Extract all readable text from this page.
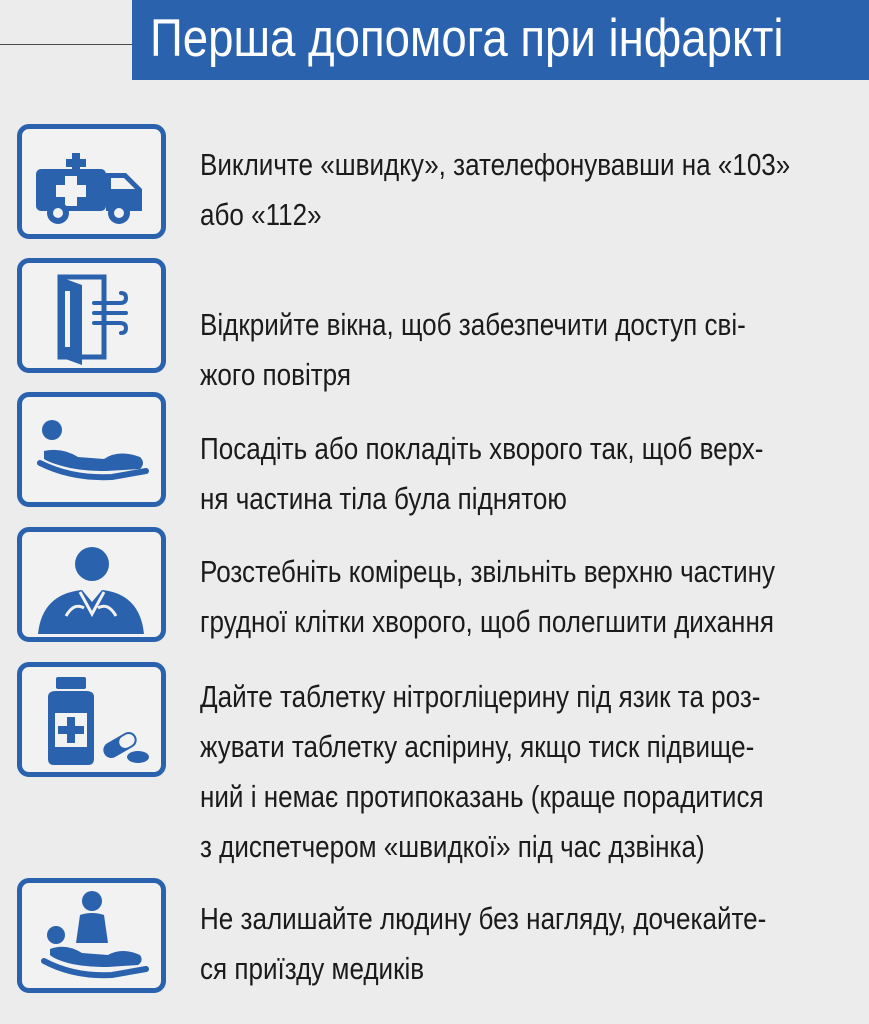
Перша допомога при інфаркті
Викличте «швидку», зателефонувавши на «103»
або «112»
Відкрийте вікна, щоб забезпечити доступ сві-
жого повітря
Посадіть або покладіть хворого так, щоб верх-
ня частина тіла була піднятою
Розстебніть комірець, звільніть верхню частину
грудної клітки хворого, щоб полегшити дихання
Дайте таблетку нітрогліцерину під язик та роз-
жувати таблетку аспірину, якщо тиск підвище-
ний і немає протипоказань (краще порадитися
з диспетчером «швидкої» під час дзвінка)
Не залишайте людину без нагляду, дочекайте-
ся приїзду медиків
